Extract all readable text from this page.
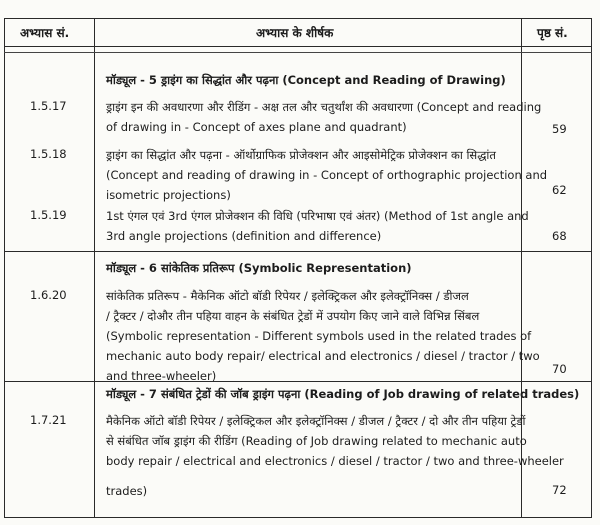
अभ्यास सं.	अभ्यास के शीर्षक	पृष्ठ सं.
मॉड्यूल - 5 ड्राइंग का सिद्धांत और पढ़ना (Concept and Reading of Drawing)
1.5.17	ड्राइंग इन की अवधारणा और रीडिंग - अक्ष तल और चतुर्थांश की अवधारणा (Concept and reading
of drawing in - Concept of axes plane and quadrant)	59
1.5.18	ड्राइंग का सिद्धांत और पढ़ना - ऑर्थोग्राफिक प्रोजेक्शन और आइसोमेट्रिक प्रोजेक्शन का सिद्धांत
(Concept and reading of drawing in - Concept of orthographic projection and
isometric projections)	62
1.5.19	1st एंगल एवं 3rd एंगल प्रोजेक्शन की विधि (परिभाषा एवं अंतर) (Method of 1st angle and
3rd angle projections (definition and difference)	68
मॉड्यूल - 6 सांकेतिक प्रतिरूप (Symbolic Representation)
1.6.20	सांकेतिक प्रतिरूप - मैकेनिक ऑटो बॉडी रिपेयर / इलेक्ट्रिकल और इलेक्ट्रॉनिक्स / डीजल
/ ट्रैक्टर / दोऔर तीन पहिया वाहन के संबंधित ट्रेडों में उपयोग किए जाने वाले विभिन्न सिंबल
(Symbolic representation - Different symbols used in the related trades of
mechanic auto body repair/ electrical and electronics / diesel / tractor / two
and three-wheeler)	70
मॉड्यूल - 7 संबंधित ट्रेडों की जॉब ड्राइंग पढ़ना (Reading of Job drawing of related trades)
1.7.21	मैकेनिक ऑटो बॉडी रिपेयर / इलेक्ट्रिकल और इलेक्ट्रॉनिक्स / डीजल / ट्रैक्टर / दो और तीन पहिया ट्रेडों
से संबंधित जॉब ड्राइंग की रीडिंग (Reading of Job drawing related to mechanic auto
body repair / electrical and electronics / diesel / tractor / two and three-wheeler
trades)	72
